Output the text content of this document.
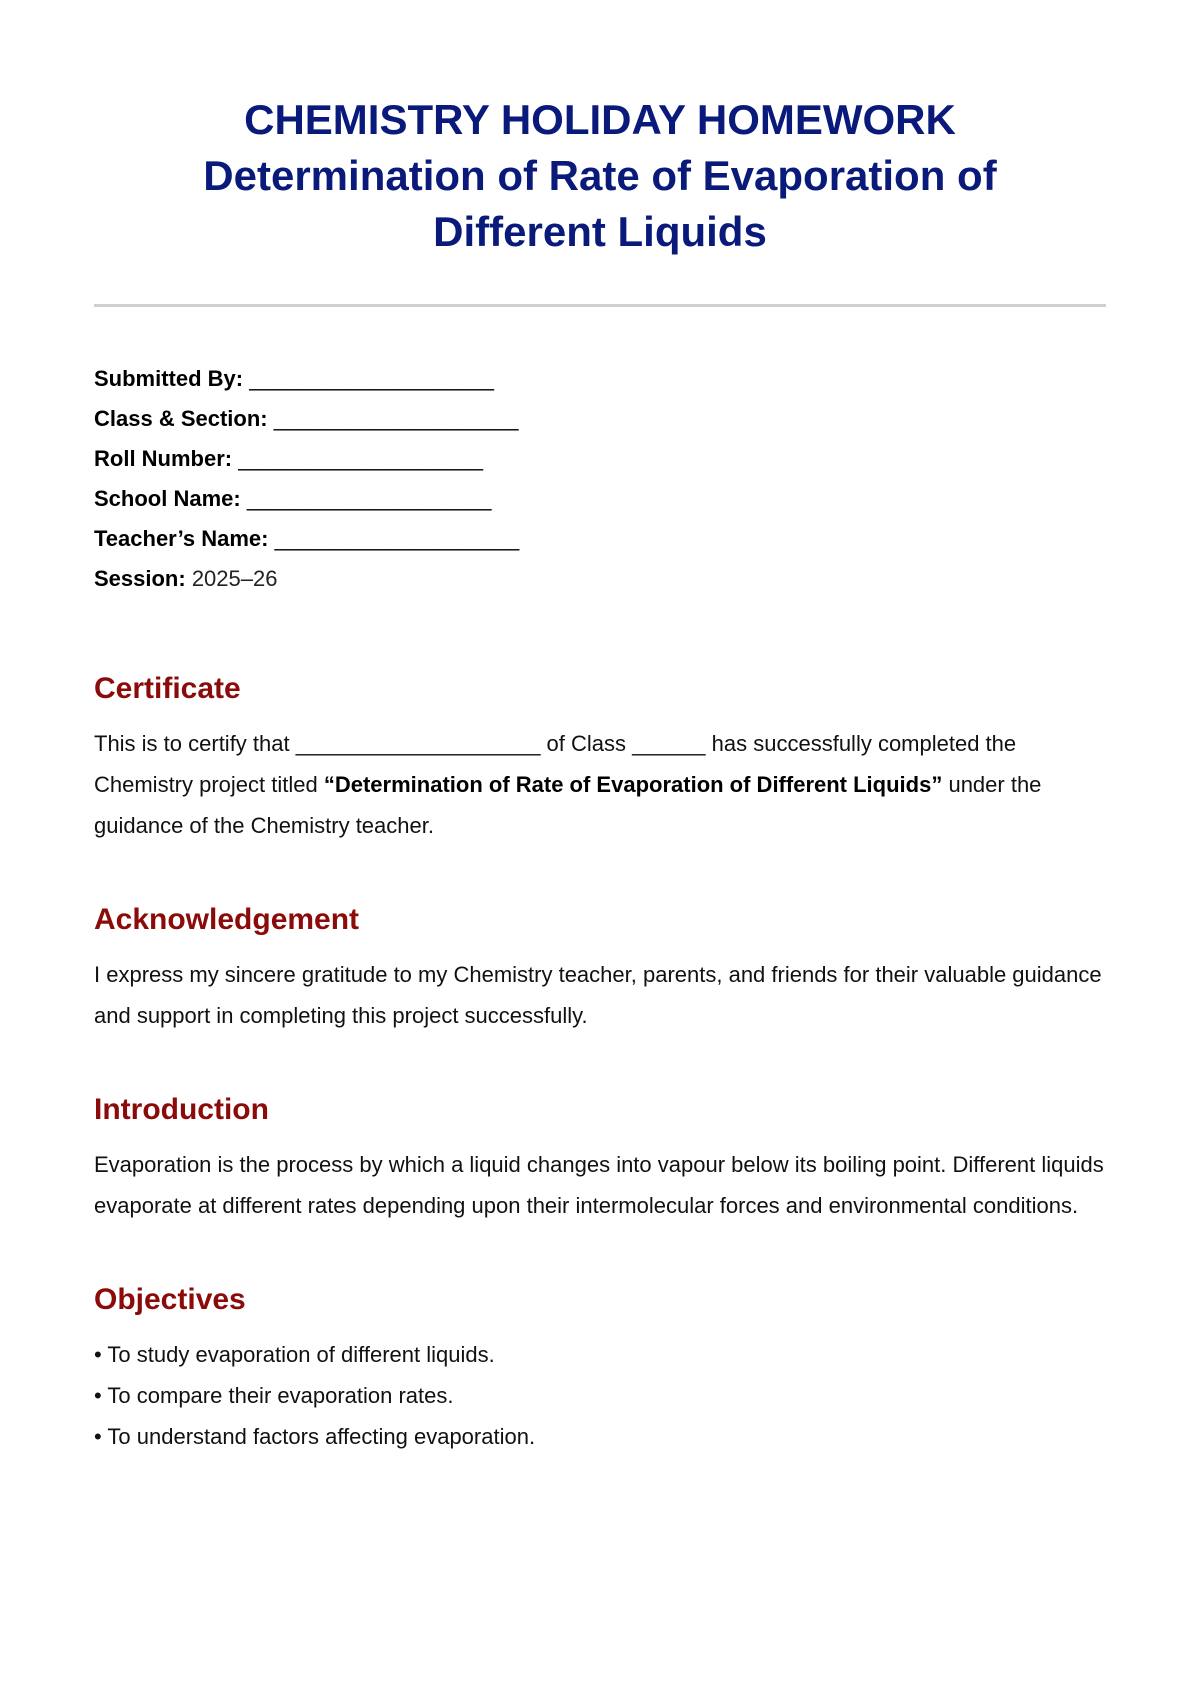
CHEMISTRY HOLIDAY HOMEWORK
Determination of Rate of Evaporation of Different Liquids
Submitted By: ____________________
Class & Section: ____________________
Roll Number: ____________________
School Name: ____________________
Teacher’s Name: ____________________
Session: 2025–26
Certificate

This is to certify that ____________________ of Class ______ has successfully completed the Chemistry project titled “Determination of Rate of Evaporation of Different Liquids” under the guidance of the Chemistry teacher.

Acknowledgement

I express my sincere gratitude to my Chemistry teacher, parents, and friends for their valuable guidance and support in completing this project successfully.

Introduction

Evaporation is the process by which a liquid changes into vapour below its boiling point. Different liquids evaporate at different rates depending upon their intermolecular forces and environmental conditions.

Objectives
• To study evaporation of different liquids.
• To compare their evaporation rates.
• To understand factors affecting evaporation.
